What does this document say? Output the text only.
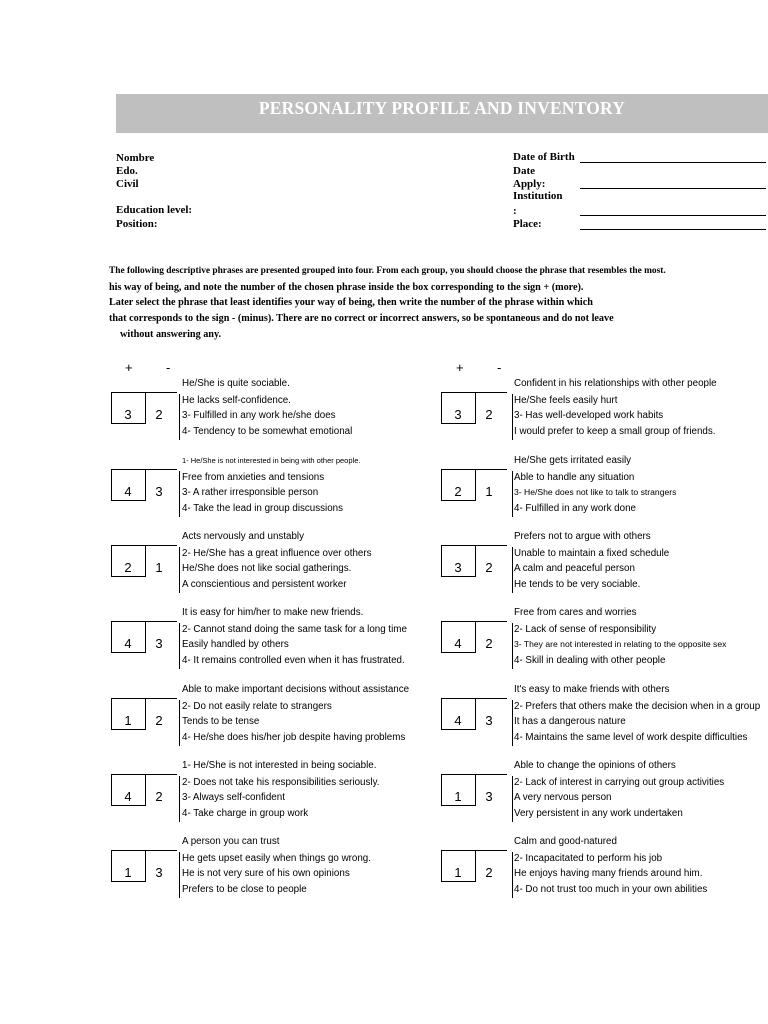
PERSONALITY PROFILE AND INVENTORY
Nombre
Edo.
Civil
Education level:
Position:
Date of Birth
Date
Apply:
Institution
:
Place:
The following descriptive phrases are presented grouped into four. From each group, you should choose the phrase that resembles the most.
his way of being, and note the number of the chosen phrase inside the box corresponding to the sign + (more).
Later select the phrase that least identifies your way of being, then write the number of the phrase within which
that corresponds to the sign - (minus). There are no correct or incorrect answers, so be spontaneous and do not leave
without answering any.
+	-	+	-
3	2
He/She is quite sociable.
He lacks self-confidence.
3- Fulfilled in any work he/she does
4- Tendency to be somewhat emotional
4	3
1- He/She is not interested in being with other people.
Free from anxieties and tensions
3- A rather irresponsible person
4- Take the lead in group discussions
2	1
Acts nervously and unstably
2- He/She has a great influence over others
He/She does not like social gatherings.
A conscientious and persistent worker
4	3
It is easy for him/her to make new friends.
2- Cannot stand doing the same task for a long time
Easily handled by others
4- It remains controlled even when it has frustrated.
1	2
Able to make important decisions without assistance
2- Do not easily relate to strangers
Tends to be tense
4- He/she does his/her job despite having problems
4	2
1- He/She is not interested in being sociable.
2- Does not take his responsibilities seriously.
3- Always self-confident
4- Take charge in group work
1	3
A person you can trust
He gets upset easily when things go wrong.
He is not very sure of his own opinions
Prefers to be close to people
3	2
Confident in his relationships with other people
He/She feels easily hurt
3- Has well-developed work habits
I would prefer to keep a small group of friends.
2	1
He/She gets irritated easily
Able to handle any situation
3- He/She does not like to talk to strangers
4- Fulfilled in any work done
3	2
Prefers not to argue with others
Unable to maintain a fixed schedule
A calm and peaceful person
He tends to be very sociable.
4	2
Free from cares and worries
2- Lack of sense of responsibility
3- They are not interested in relating to the opposite sex
4- Skill in dealing with other people
4	3
It's easy to make friends with others
2- Prefers that others make the decision when in a group
It has a dangerous nature
4- Maintains the same level of work despite difficulties
1	3
Able to change the opinions of others
2- Lack of interest in carrying out group activities
A very nervous person
Very persistent in any work undertaken
1	2
Calm and good-natured
2- Incapacitated to perform his job
He enjoys having many friends around him.
4- Do not trust too much in your own abilities
